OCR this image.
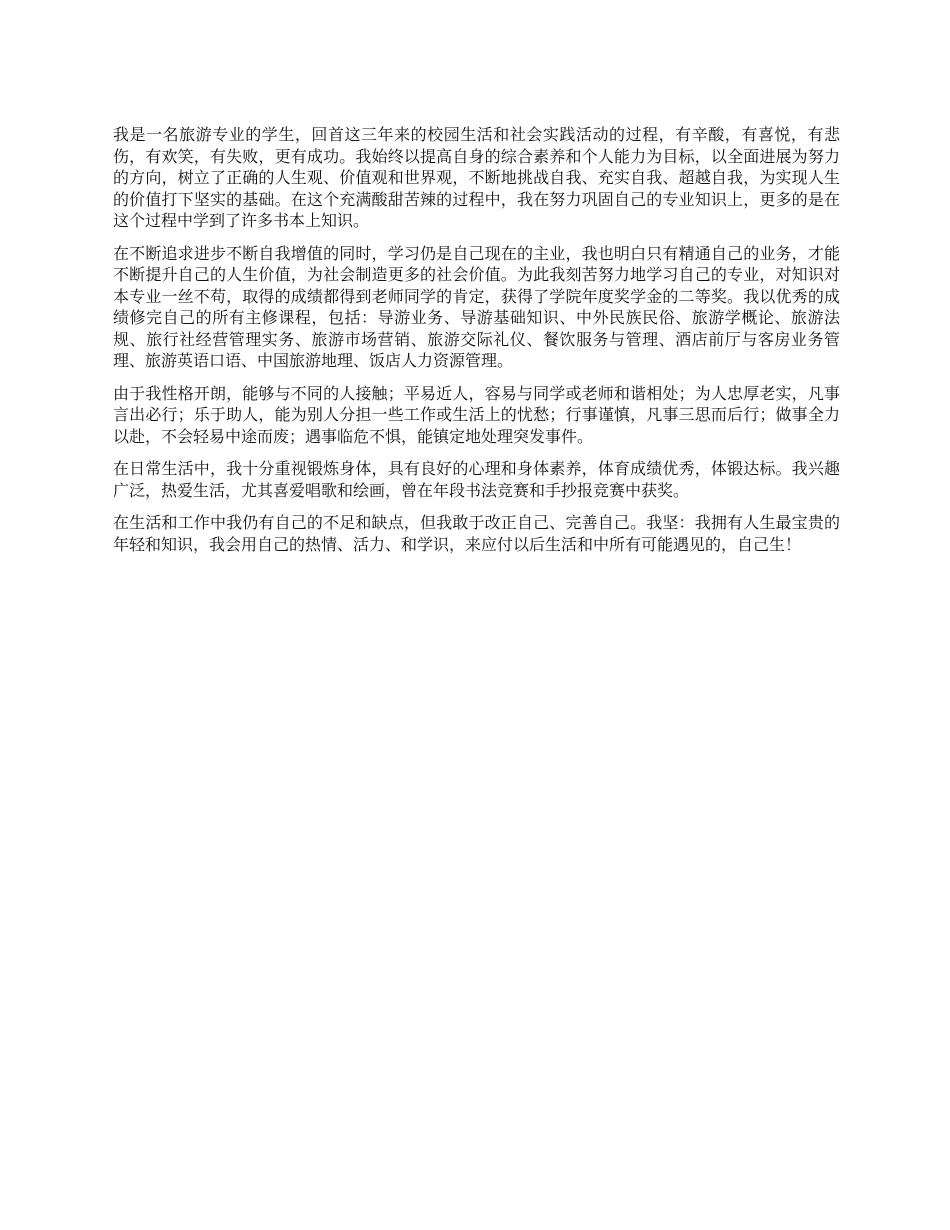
我是一名旅游专业的学生，回首这三年来的校园生活和社会实践活动的过程，有辛酸，有喜悦，有悲伤，有欢笑，有失败，更有成功。我始终以提高自身的综合素养和个人能力为目标，以全面进展为努力的方向，树立了正确的人生观、价值观和世界观，不断地挑战自我、充实自我、超越自我，为实现人生的价值打下坚实的基础。在这个充满酸甜苦辣的过程中，我在努力巩固自己的专业知识上，更多的是在这个过程中学到了许多书本上知识。

在不断追求进步不断自我增值的同时，学习仍是自己现在的主业，我也明白只有精通自己的业务，才能不断提升自己的人生价值，为社会制造更多的社会价值。为此我刻苦努力地学习自己的专业，对知识对本专业一丝不苟，取得的成绩都得到老师同学的肯定，获得了学院年度奖学金的二等奖。我以优秀的成绩修完自己的所有主修课程，包括：导游业务、导游基础知识、中外民族民俗、旅游学概论、旅游法规、旅行社经营管理实务、旅游市场营销、旅游交际礼仪、餐饮服务与管理、酒店前厅与客房业务管理、旅游英语口语、中国旅游地理、饭店人力资源管理。

由于我性格开朗，能够与不同的人接触；平易近人，容易与同学或老师和谐相处；为人忠厚老实，凡事言出必行；乐于助人，能为别人分担一些工作或生活上的忧愁；行事谨慎，凡事三思而后行；做事全力以赴，不会轻易中途而废；遇事临危不惧，能镇定地处理突发事件。

在日常生活中，我十分重视锻炼身体，具有良好的心理和身体素养，体育成绩优秀，体锻达标。我兴趣广泛，热爱生活，尤其喜爱唱歌和绘画，曾在年段书法竞赛和手抄报竞赛中获奖。

在生活和工作中我仍有自己的不足和缺点，但我敢于改正自己、完善自己。我坚：我拥有人生最宝贵的年轻和知识，我会用自己的热情、活力、和学识，来应付以后生活和中所有可能遇见的，自己生！
